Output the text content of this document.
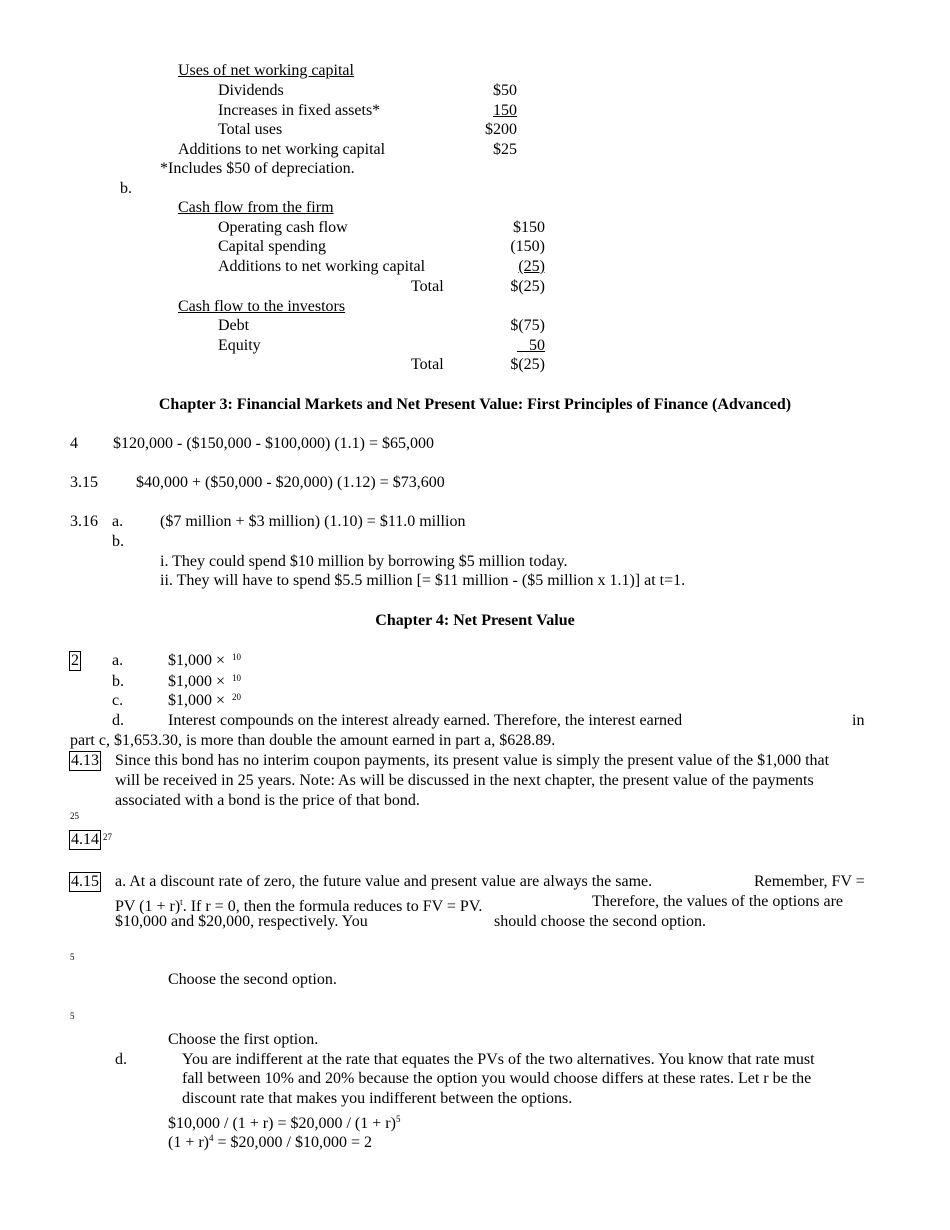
Uses of net working capital
Dividends	$50
Increases in fixed assets*	150
Total uses	$200
Additions to net working capital	$25
*Includes $50 of depreciation.
b.
Cash flow from the firm
Operating cash flow	$150
Capital spending	(150)
Additions to net working capital	(25)
Total	$(25)
Cash flow to the investors
Debt	$(75)
Equity	50
Total	$(25)
Chapter 3: Financial Markets and Net Present Value: First Principles of Finance (Advanced)
4 $120,000 - ($150,000 - $100,000) (1.1) = $65,000
3.15 $40,000 + ($50,000 - $20,000) (1.12) = $73,600
3.16 a. ($7 million + $3 million) (1.10) = $11.0 million
b.
i. They could spend $10 million by borrowing $5 million today.
ii. They will have to spend $5.5 million [= $11 million - ($5 million x 1.1)] at t=1.
Chapter 4: Net Present Value
2 a.	$1,000 × 10
b.	$1,000 × 10
c.	$1,000 × 20
d.	Interest compounds on the interest already earned. Therefore, the interest earned	in
part c, $1,653.30, is more than double the amount earned in part a, $628.89.
4.13 Since this bond has no interim coupon payments, its present value is simply the present value of the $1,000 that
will be received in 25 years. Note: As will be discussed in the next chapter, the present value of the payments
associated with a bond is the price of that bond.
25
4.14 27
4.15 a. At a discount rate of zero, the future value and present value are always the same.	Remember, FV =
PV $(1 + r)^t$. If r = 0, then the formula reduces to FV = PV.	Therefore, the values of the options are
$10,000 and $20,000, respectively. You	should choose the second option.
5
Choose the second option.
5
Choose the first option.
d.	You are indifferent at the rate that equates the PVs of the two alternatives. You know that rate must
fall between 10% and 20% because the option you would choose differs at these rates. Let r be the
discount rate that makes you indifferent between the options.
$10,000 / (1 + r) = $20,000 / $(1 + r)^5$
$(1 + r)^4$ = $20,000 / $10,000 = 2
